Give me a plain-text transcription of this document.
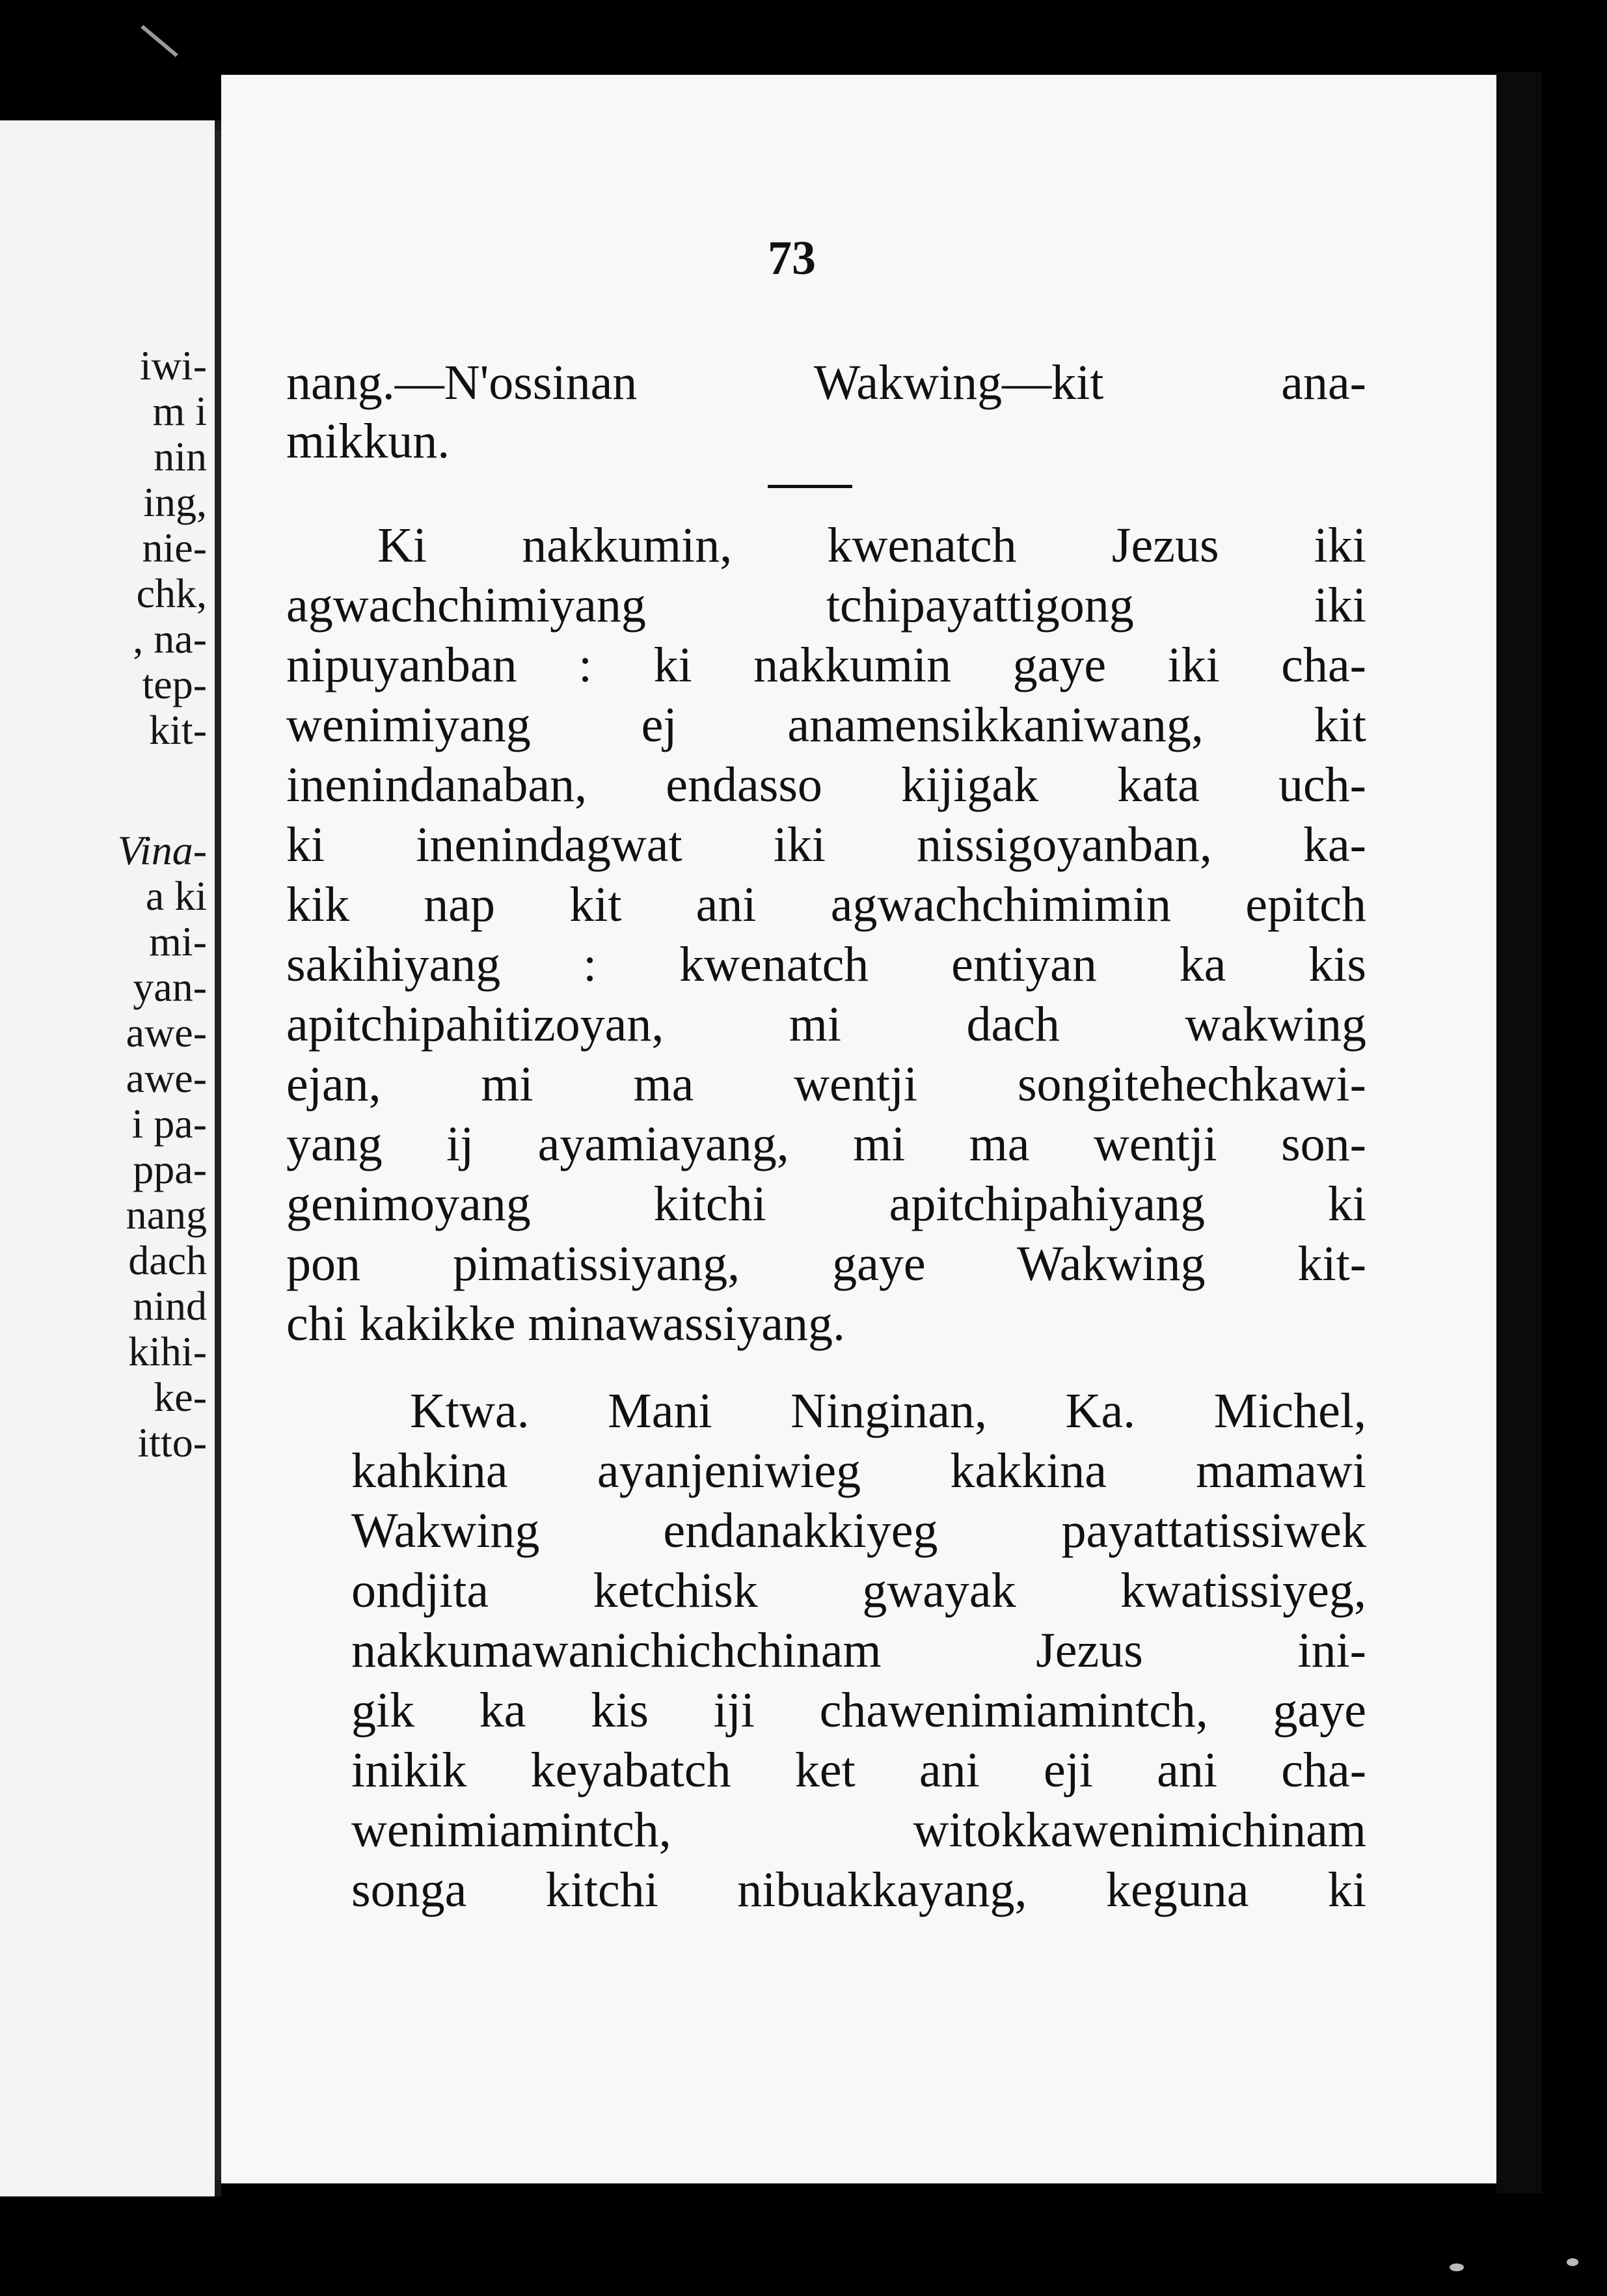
iwi-
m i
nin
ing,
nie-
chk,
, na-
tep-
kit-
Vina-
a ki
mi-
yan-
awe-
awe-
i pa-
ppa-
nang
dach
nind
kihi-
ke-
itto-
73
nang.—N'ossinan Wakwing—kit ana-
mikkun.
Ki nakkumin, kwenatch Jezus iki
agwachchimiyang tchipayattigong iki
nipuyanban : ki nakkumin gaye iki cha-
wenimiyang ej anamensikkaniwang, kit
inenindanaban, endasso kijigak kata uch-
ki inenindagwat iki nissigoyanban, ka-
kik nap kit ani agwachchimimin epitch
sakihiyang : kwenatch entiyan ka kis
apitchipahitizoyan, mi dach wakwing
ejan, mi ma wentji songitehechkawi-
yang ij ayamiayang, mi ma wentji son-
genimoyang kitchi apitchipahiyang ki
pon pimatissiyang, gaye Wakwing kit-
chi kakikke minawassiyang.
Ktwa. Mani Ninginan, Ka. Michel,
kahkina ayanjeniwieg kakkina mamawi
Wakwing endanakkiyeg payattatissiwek
ondjita ketchisk gwayak kwatissiyeg,
nakkumawanichichchinam Jezus ini-
gik ka kis iji chawenimiamintch, gaye
inikik keyabatch ket ani eji ani cha-
wenimiamintch, witokkawenimichinam
songa kitchi nibuakkayang, keguna ki
